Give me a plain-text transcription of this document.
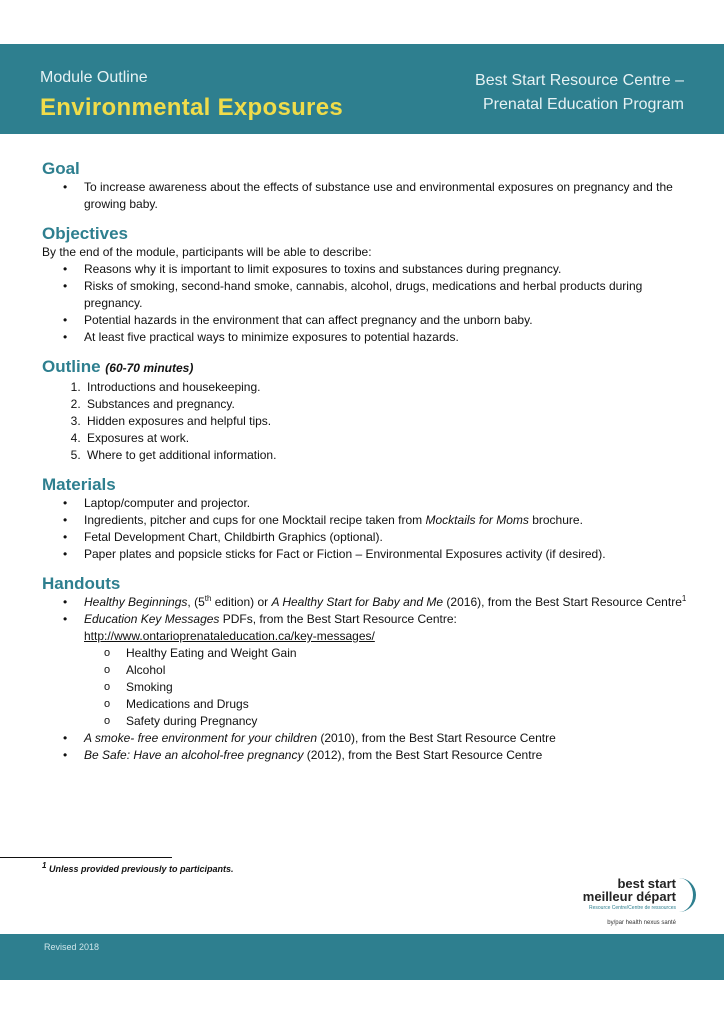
Module Outline
Environmental Exposures
Best Start Resource Centre –
Prenatal Education Program
Goal
• To increase awareness about the effects of substance use and environmental exposures on pregnancy and the growing baby.
Objectives

By the end of the module, participants will be able to describe:

• Reasons why it is important to limit exposures to toxins and substances during pregnancy.
• Risks of smoking, second-hand smoke, cannabis, alcohol, drugs, medications and herbal products during pregnancy.
• Potential hazards in the environment that can affect pregnancy and the unborn baby.
• At least five practical ways to minimize exposures to potential hazards.
Outline (60-70 minutes)
1. Introductions and housekeeping.
2. Substances and pregnancy.
3. Hidden exposures and helpful tips.
4. Exposures at work.
5. Where to get additional information.
Materials
• Laptop/computer and projector.
• Ingredients, pitcher and cups for one Mocktail recipe taken from Mocktails for Moms brochure.
• Fetal Development Chart, Childbirth Graphics (optional).
• Paper plates and popsicle sticks for Fact or Fiction – Environmental Exposures activity (if desired).
Handouts
• Healthy Beginnings, (5th edition) or A Healthy Start for Baby and Me (2016), from the Best Start Resource Centre$^1$
• Education Key Messages PDFs, from the Best Start Resource Centre:
http://www.ontarioprenataleducation.ca/key-messages/
o Healthy Eating and Weight Gain
o Alcohol
o Smoking
o Medications and Drugs
o Safety during Pregnancy
• A smoke- free environment for your children (2010), from the Best Start Resource Centre
• Be Safe: Have an alcohol-free pregnancy (2012), from the Best Start Resource Centre
$^1$ Unless provided previously to participants.
best start
meilleur départ
Resource Centre/Centre de ressources
by/par health nexus santé
Revised 2018
